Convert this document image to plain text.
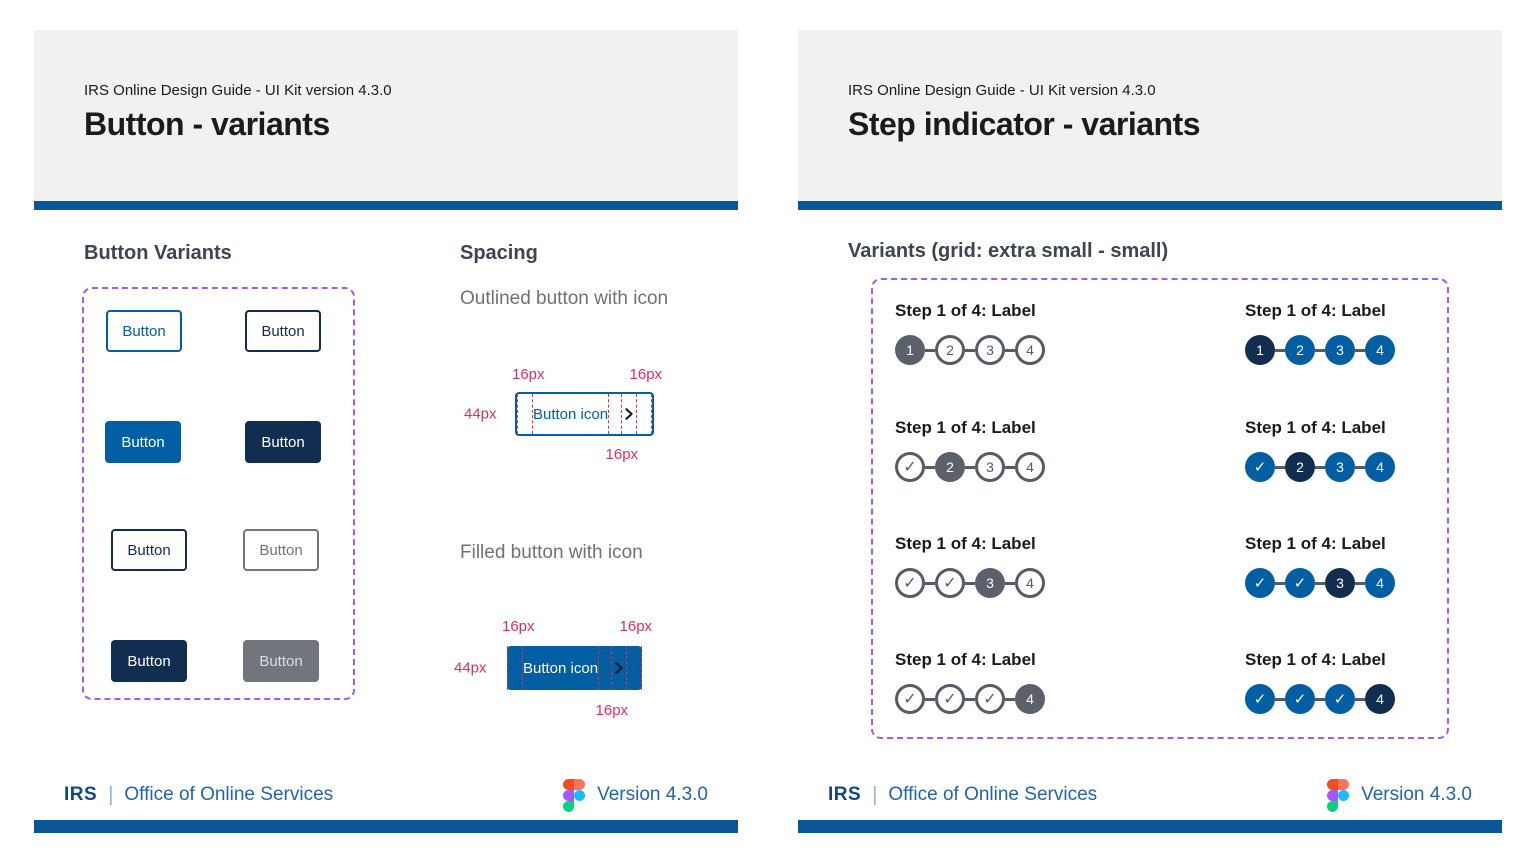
IRS Online Design Guide - UI Kit version 4.3.0
Button - variants
Button Variants
Button	Button
Button	Button
Button	Button
Button	Button
Spacing
Outlined button with icon
16px	16px
44px
16px
Button icon
Filled button with icon
16px	16px
44px
16px
Button icon
IRS | Office of Online Services	Version 4.3.0
IRS Online Design Guide - UI Kit version 4.3.0
Step indicator - variants
Variants (grid: extra small - small)
Step 1 of 4: Label
1	2	3	4
Step 1 of 4: Label
1	2	3	4
Step 1 of 4: Label
✓	2	3	4
Step 1 of 4: Label
✓	2	3	4
Step 1 of 4: Label
✓	✓	3	4
Step 1 of 4: Label
✓	✓	3	4
Step 1 of 4: Label
✓	✓	✓	4
Step 1 of 4: Label
✓	✓	✓	4
IRS | Office of Online Services	Version 4.3.0
